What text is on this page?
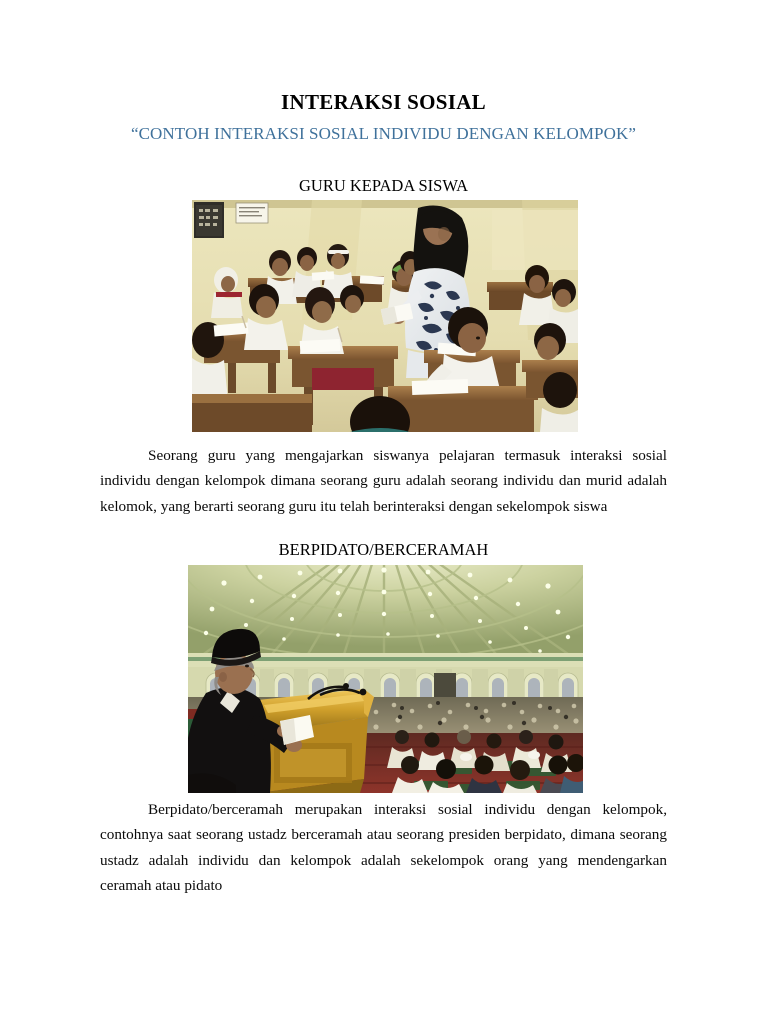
INTERAKSI SOSIAL
“CONTOH INTERAKSI SOSIAL INDIVIDU DENGAN KELOMPOK”
GURU KEPADA SISWA
Seorang guru yang mengajarkan siswanya pelajaran termasuk interaksi sosial individu dengan kelompok dimana seorang guru adalah seorang individu dan murid adalah kelomok, yang berarti seorang guru itu telah berinteraksi dengan sekelompok siswa
BERPIDATO/BERCERAMAH
Berpidato/berceramah merupakan interaksi sosial individu dengan kelompok, contohnya saat seorang ustadz berceramah atau seorang presiden berpidato, dimana seorang ustadz adalah individu dan kelompok adalah sekelompok orang yang mendengarkan ceramah atau pidato
